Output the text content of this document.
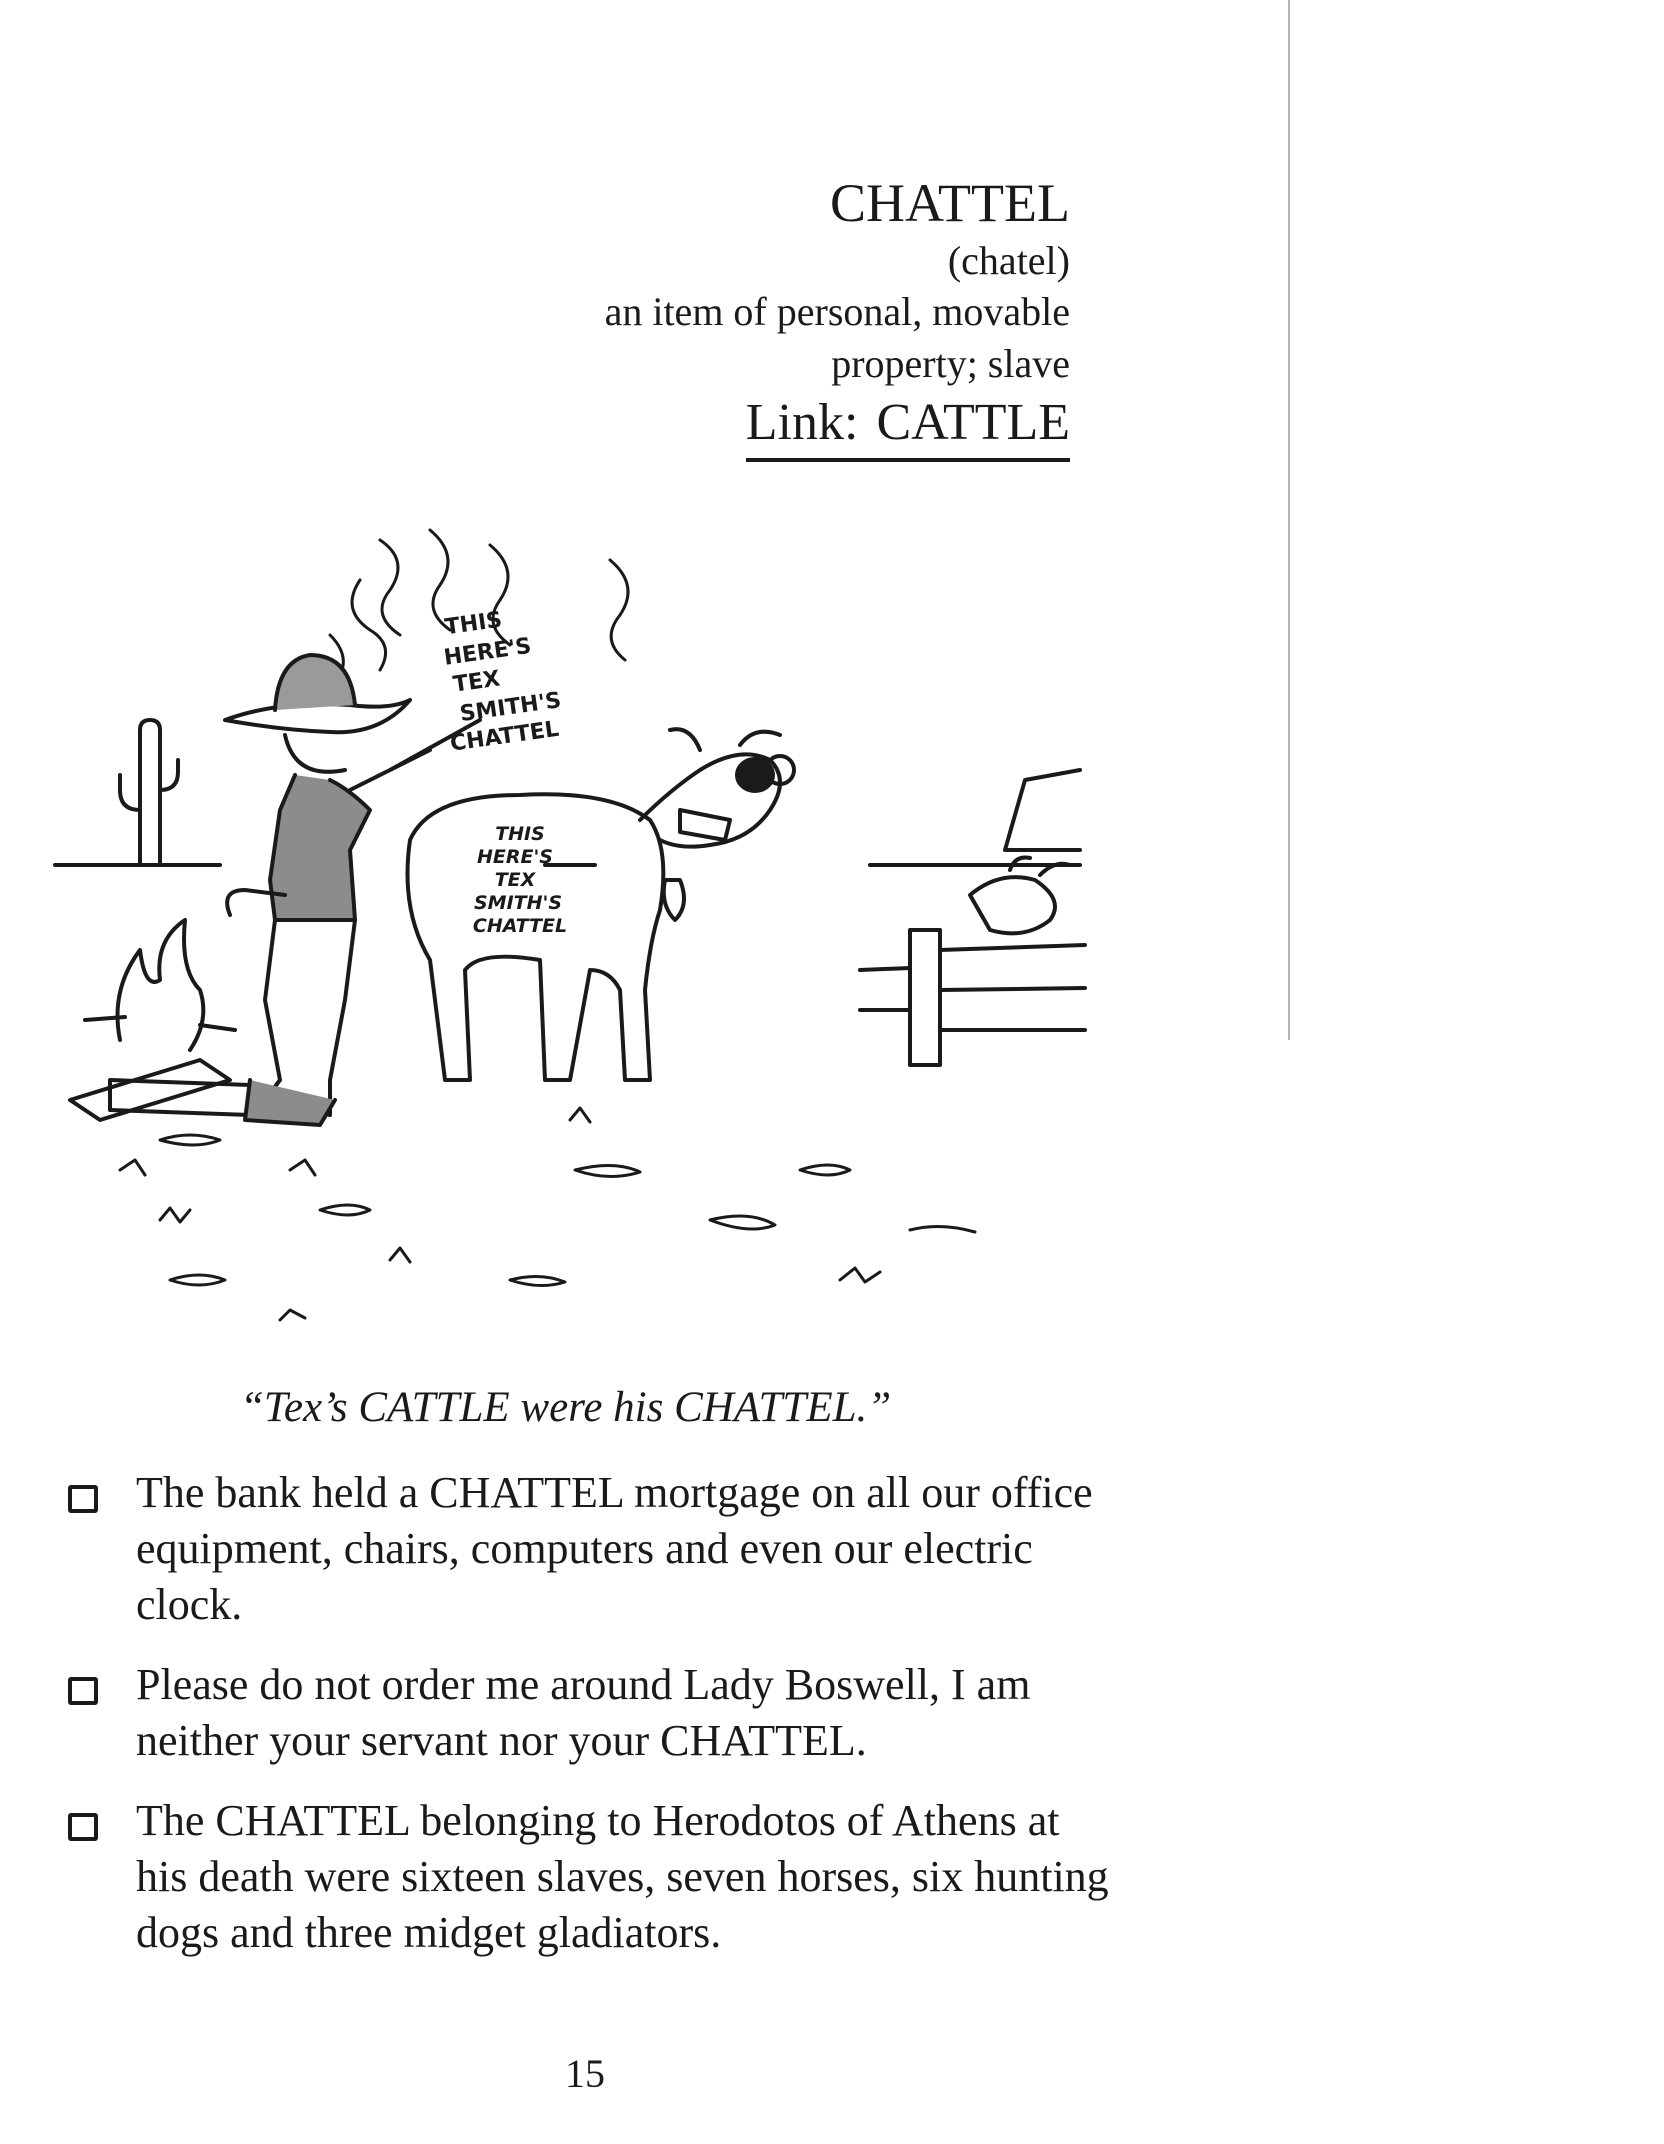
CHATTEL
(chatel)
an item of personal, movable
property; slave
Link: CATTLE
THIS
HERE'S
TEX
SMITH'S
CHATTEL
THIS
HERE'S
TEX
SMITH'S
CHATTEL
“Tex’s CATTLE were his CHATTEL.”
The bank held a CHATTEL mortgage on all our office equipment, chairs, computers and even our electric clock.
Please do not order me around Lady Boswell, I am neither your servant nor your CHATTEL.
The CHATTEL belonging to Herodotos of Athens at his death were sixteen slaves, seven horses, six hunting dogs and three midget gladiators.
15
